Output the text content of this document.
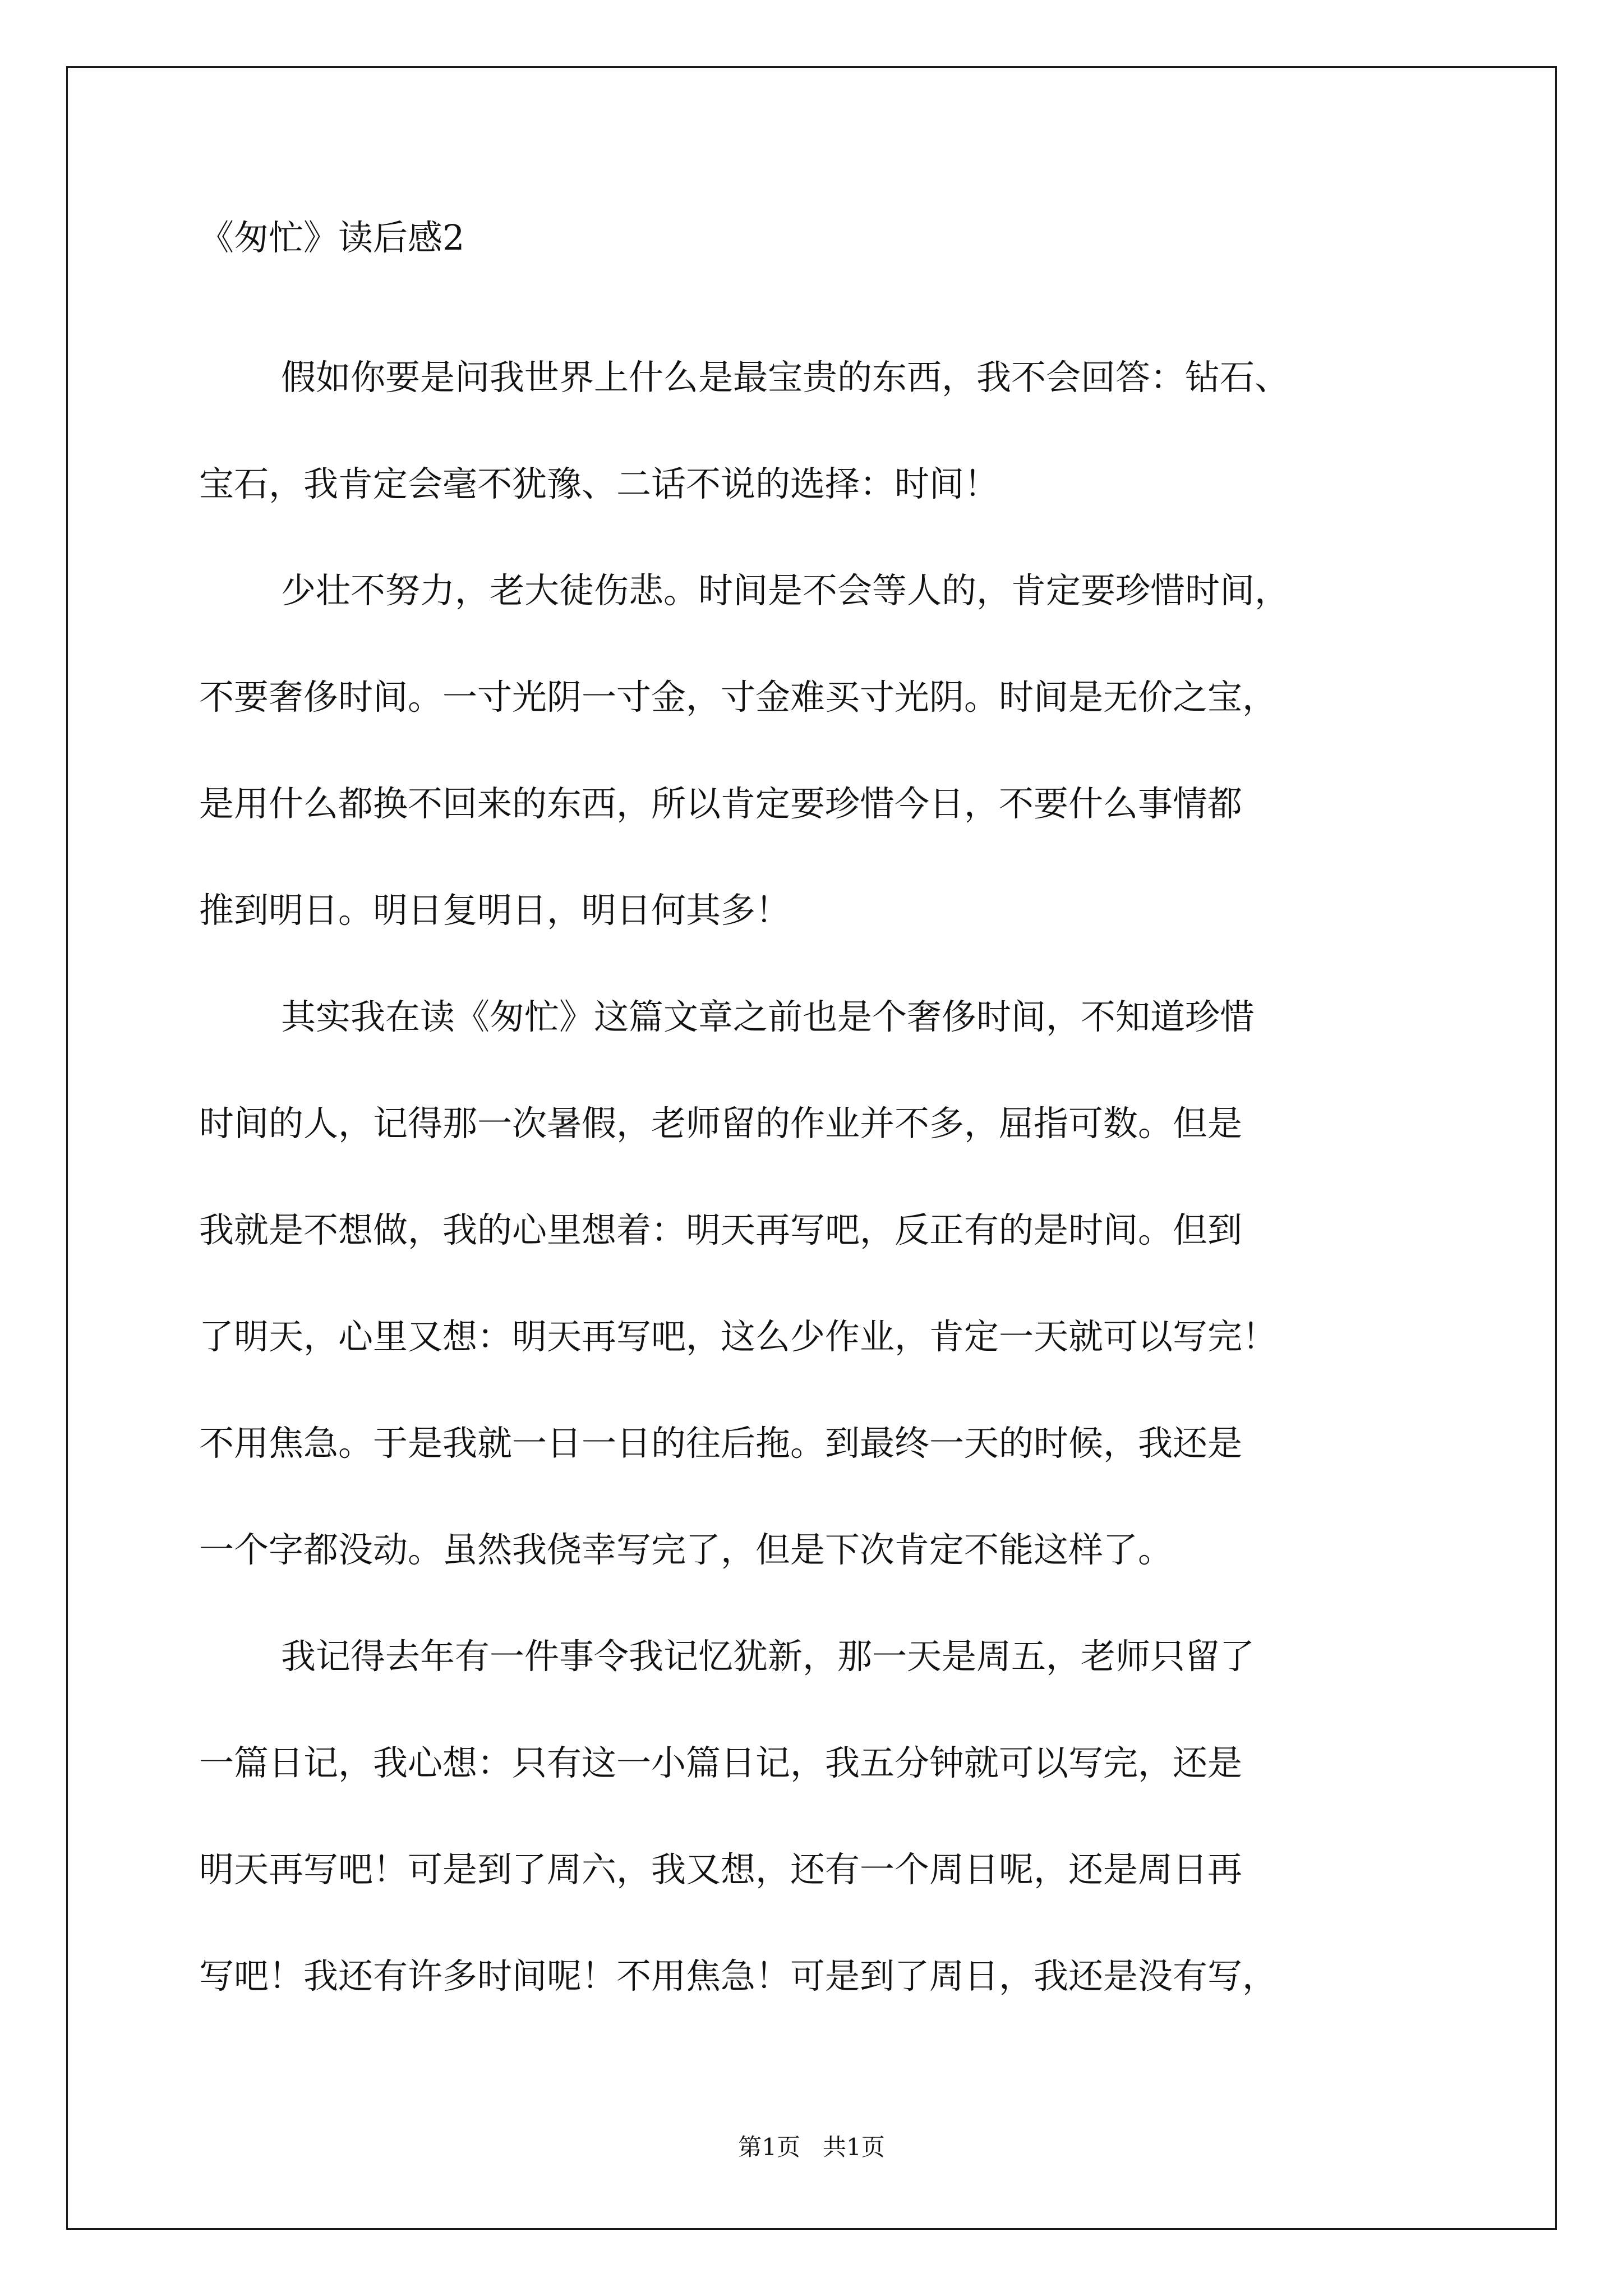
《匆忙》读后感2
假如你要是问我世界上什么是最宝贵的东西，我不会回答：钻石、
宝石，我肯定会毫不犹豫、二话不说的选择：时间！
少壮不努力，老大徒伤悲。时间是不会等人的，肯定要珍惜时间，
不要奢侈时间。一寸光阴一寸金，寸金难买寸光阴。时间是无价之宝，
是用什么都换不回来的东西，所以肯定要珍惜今日，不要什么事情都
推到明日。明日复明日，明日何其多！
其实我在读《匆忙》这篇文章之前也是个奢侈时间，不知道珍惜
时间的人，记得那一次暑假，老师留的作业并不多，屈指可数。但是
我就是不想做，我的心里想着：明天再写吧，反正有的是时间。但到
了明天，心里又想：明天再写吧，这么少作业，肯定一天就可以写完！
不用焦急。于是我就一日一日的往后拖。到最终一天的时候，我还是
一个字都没动。虽然我侥幸写完了，但是下次肯定不能这样了。
我记得去年有一件事令我记忆犹新，那一天是周五，老师只留了
一篇日记，我心想：只有这一小篇日记，我五分钟就可以写完，还是
明天再写吧！可是到了周六，我又想，还有一个周日呢，还是周日再
写吧！我还有许多时间呢！不用焦急！可是到了周日，我还是没有写，
第1页   共1页
